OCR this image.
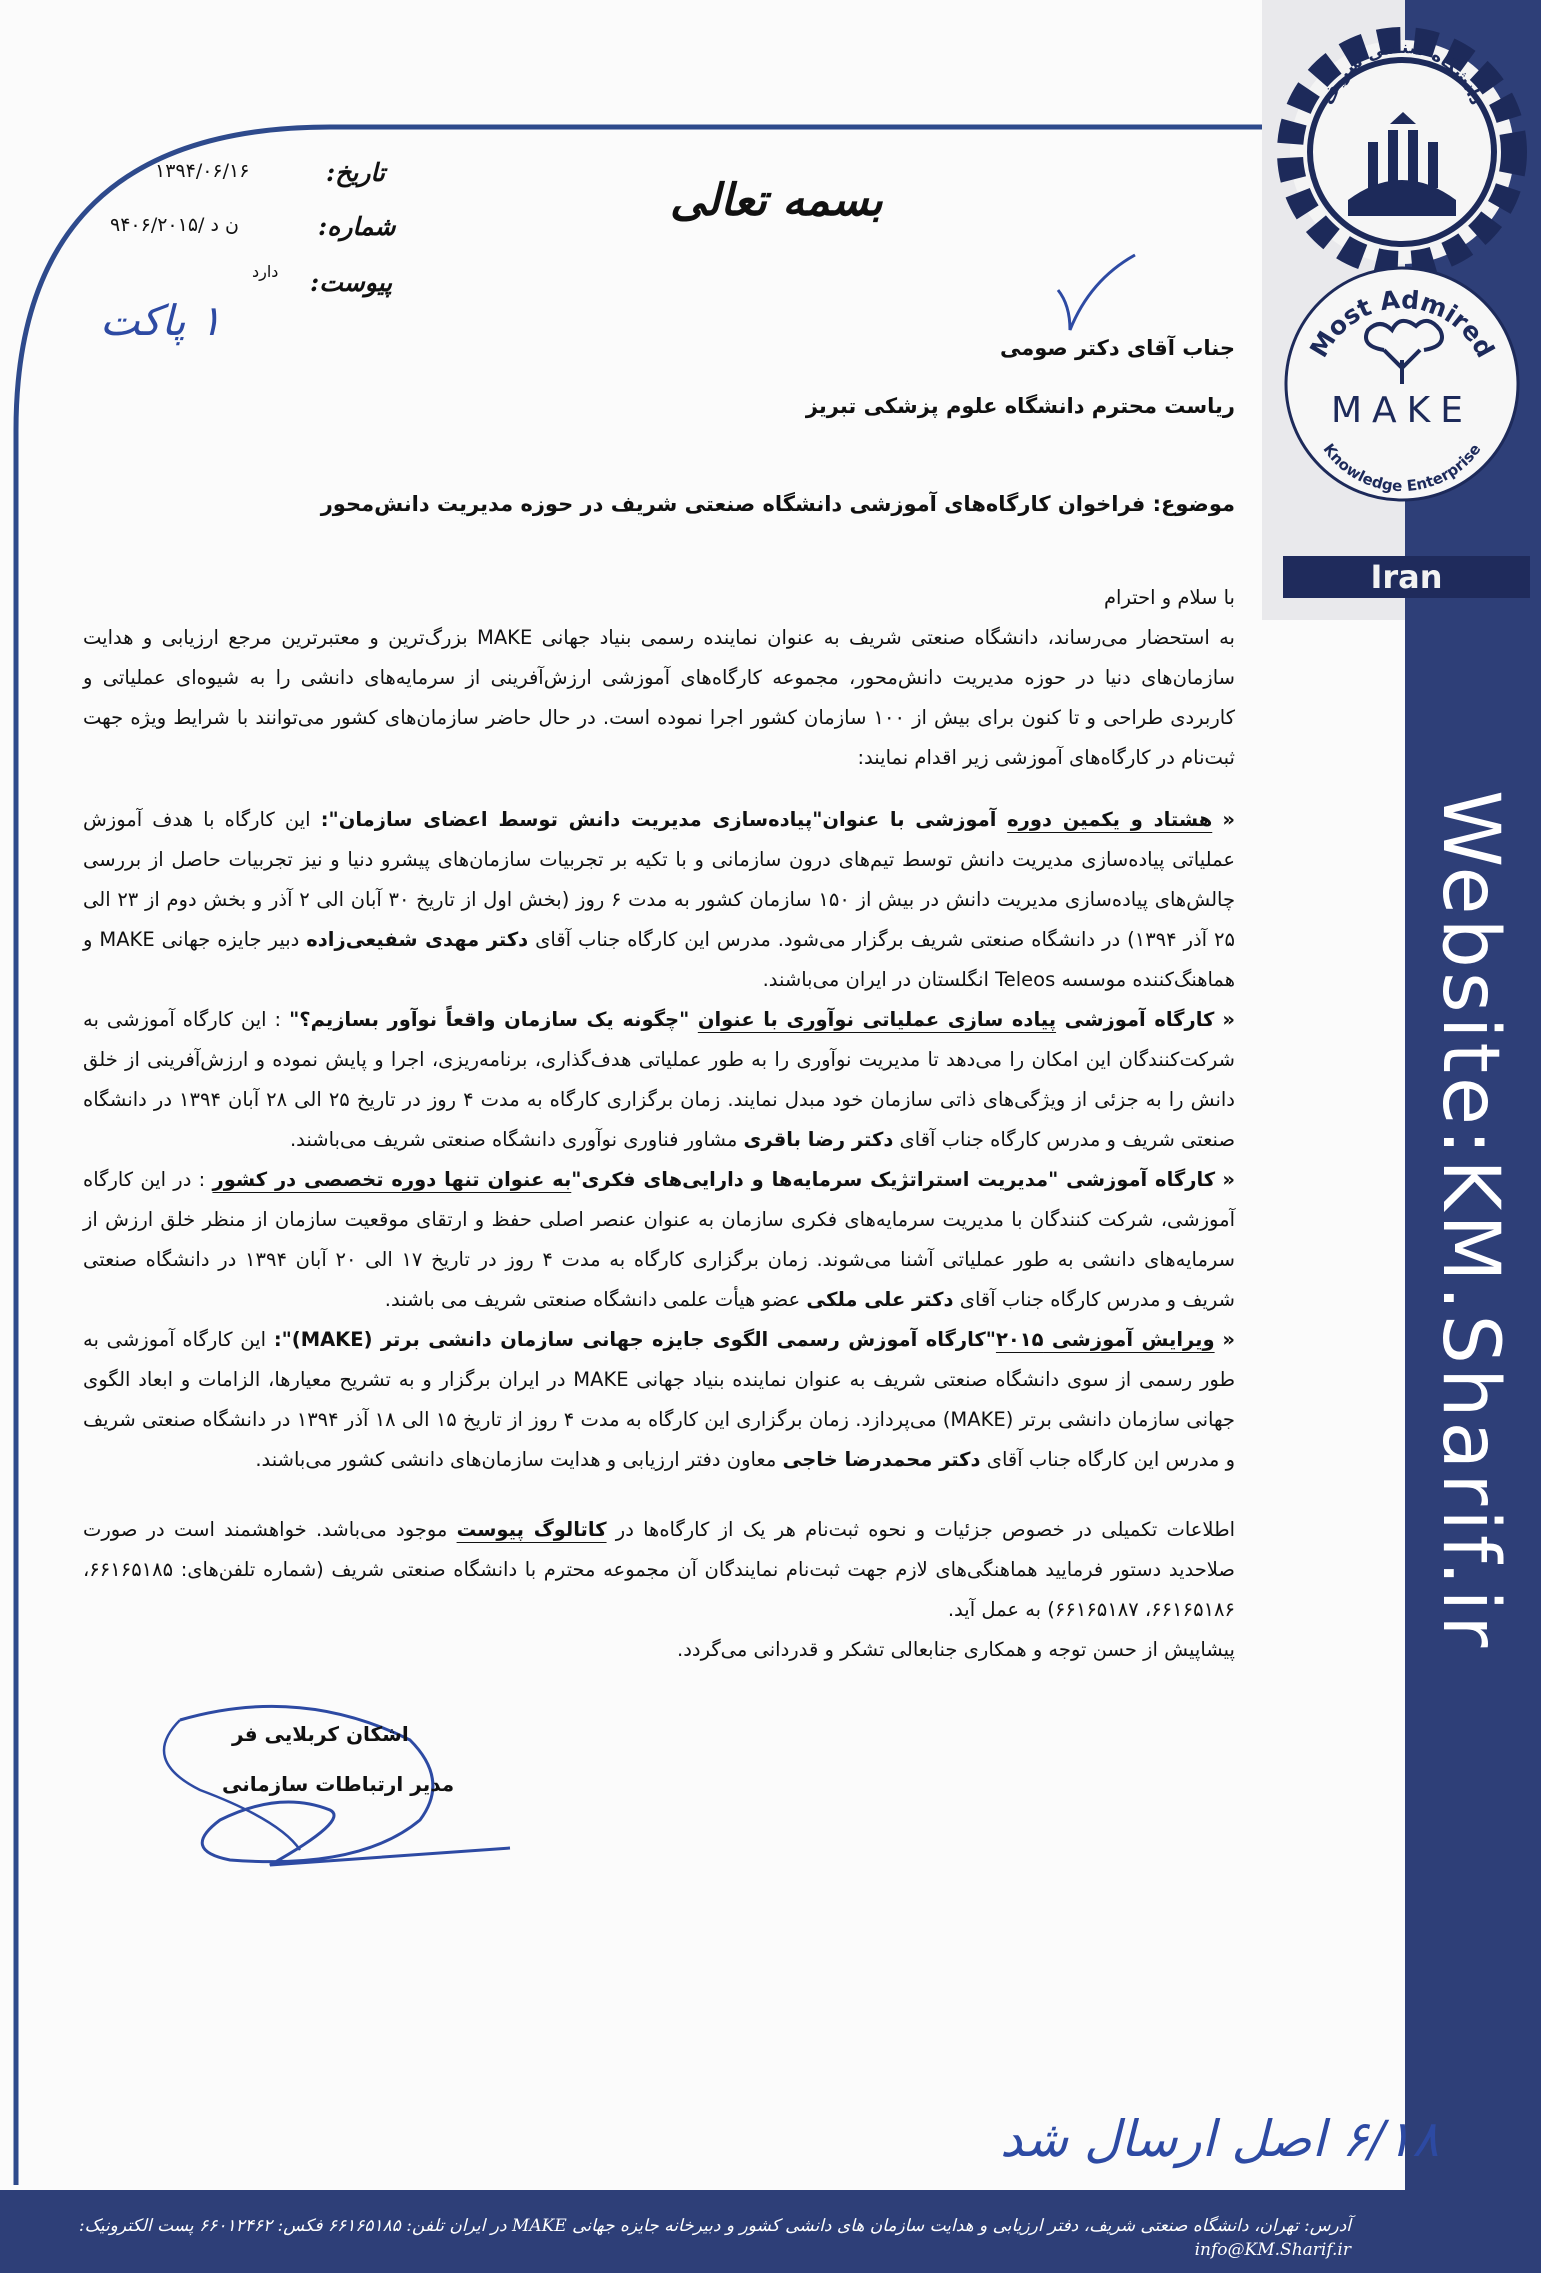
دانشگاه صنعتی شریف
Most Admired
Knowledge Enterprise
MAKE
Iran
Website:KM.Sharif.ir
تاریخ:
۱۳۹۴/۰۶/۱۶
شماره:
ن د /۹۴۰۶/۲۰۱۵
پیوست:
دارد
۱ پاکت
بسمه تعالی
جناب آقای دکتر صومی
ریاست محترم دانشگاه علوم پزشکی تبریز
موضوع: فراخوان کارگاه‌های آموزشی دانشگاه صنعتی شریف در حوزه مدیریت دانش‌محور

با سلام و احترام

به استحضار می‌رساند، دانشگاه صنعتی شریف به عنوان نماینده رسمی بنیاد جهانی MAKE بزرگ‌ترین و معتبرترین مرجع ارزیابی و هدایت سازمان‌های دنیا در حوزه مدیریت دانش‌محور، مجموعه کارگاه‌های آموزشی ارزش‌آفرینی از سرمایه‌های دانشی را به شیوه‌ای عملیاتی و کاربردی طراحی و تا کنون برای بیش از ۱۰۰ سازمان کشور اجرا نموده است. در حال حاضر سازمان‌های کشور می‌توانند با شرایط ویژه جهت ثبت‌نام در کارگاه‌های آموزشی زیر اقدام نمایند:

« هشتاد و یکمین دوره آموزشی با عنوان"پیاده‌سازی مدیریت دانش توسط اعضای سازمان": این کارگاه با هدف آموزش عملیاتی پیاده‌سازی مدیریت دانش توسط تیم‌های درون سازمانی و با تکیه بر تجربیات سازمان‌های پیشرو دنیا و نیز تجربیات حاصل از بررسی چالش‌های پیاده‌سازی مدیریت دانش در بیش از ۱۵۰ سازمان کشور به مدت ۶ روز (بخش اول از تاریخ ۳۰ آبان الی ۲ آذر و بخش دوم از ۲۳ الی ۲۵ آذر ۱۳۹۴) در دانشگاه صنعتی شریف برگزار می‌شود. مدرس این کارگاه جناب آقای دکتر مهدی شفیعی‌زاده دبیر جایزه جهانی MAKE و هماهنگ‌کننده موسسه Teleos انگلستان در ایران می‌باشند.

« کارگاه آموزشی پیاده سازی عملیاتی نوآوری با عنوان "چگونه یک سازمان واقعاً نوآور بسازیم؟" : این کارگاه آموزشی به شرکت‌کنندگان این امکان را می‌دهد تا مدیریت نوآوری را به طور عملیاتی هدف‌گذاری، برنامه‌ریزی، اجرا و پایش نموده و ارزش‌آفرینی از خلق دانش را به جزئی از ویژگی‌های ذاتی سازمان خود مبدل نمایند. زمان برگزاری کارگاه به مدت ۴ روز در تاریخ ۲۵ الی ۲۸ آبان ۱۳۹۴ در دانشگاه صنعتی شریف و مدرس کارگاه جناب آقای دکتر رضا باقری مشاور فناوری نوآوری دانشگاه صنعتی شریف می‌باشند.

« کارگاه آموزشی "مدیریت استراتژیک سرمایه‌ها و دارایی‌های فکری"به عنوان تنها دوره تخصصی در کشور : در این کارگاه آموزشی، شرکت کنندگان با مدیریت سرمایه‌های فکری سازمان به عنوان عنصر اصلی حفظ و ارتقای موقعیت سازمان از منظر خلق ارزش از سرمایه‌های دانشی به طور عملیاتی آشنا می‌شوند. زمان برگزاری کارگاه به مدت ۴ روز در تاریخ ۱۷ الی ۲۰ آبان ۱۳۹۴ در دانشگاه صنعتی شریف و مدرس کارگاه جناب آقای دکتر علی ملکی عضو هیأت علمی دانشگاه صنعتی شریف می باشند.

« ویرایش آموزشی ۲۰۱۵"کارگاه آموزش رسمی الگوی جایزه جهانی سازمان دانشی برتر (MAKE)": این کارگاه آموزشی به طور رسمی از سوی دانشگاه صنعتی شریف به عنوان نماینده بنیاد جهانی MAKE در ایران برگزار و به تشریح معیارها، الزامات و ابعاد الگوی جهانی سازمان دانشی برتر (MAKE) می‌پردازد. زمان برگزاری این کارگاه به مدت ۴ روز از تاریخ ۱۵ الی ۱۸ آذر ۱۳۹۴ در دانشگاه صنعتی شریف و مدرس این کارگاه جناب آقای دکتر محمدرضا خاجی معاون دفتر ارزیابی و هدایت سازمان‌های دانشی کشور می‌باشند.

اطلاعات تکمیلی در خصوص جزئیات و نحوه ثبت‌نام هر یک از کارگاه‌ها در کاتالوگ پیوست موجود می‌باشد. خواهشمند است در صورت صلاحدید دستور فرمایید هماهنگی‌های لازم جهت ثبت‌نام نمایندگان آن مجموعه محترم با دانشگاه صنعتی شریف (شماره تلفن‌های: ۶۶۱۶۵۱۸۵، ۶۶۱۶۵۱۸۶، ۶۶۱۶۵۱۸۷) به عمل آید.

پیشاپیش از حسن توجه و همکاری جنابعالی تشکر و قدردانی می‌گردد.

اشکان کربلایی فر
مدیر ارتباطات سازمانی
۶/۱۸ اصل ارسال شد
آدرس: تهران، دانشگاه صنعتی شریف، دفتر ارزیابی و هدایت سازمان های دانشی کشور و دبیرخانه جایزه جهانی MAKE در ایران تلفن: ۶۶۱۶۵۱۸۵ فکس: ۶۶۰۱۲۴۶۲ پست الکترونیک: info@KM.Sharif.ir
